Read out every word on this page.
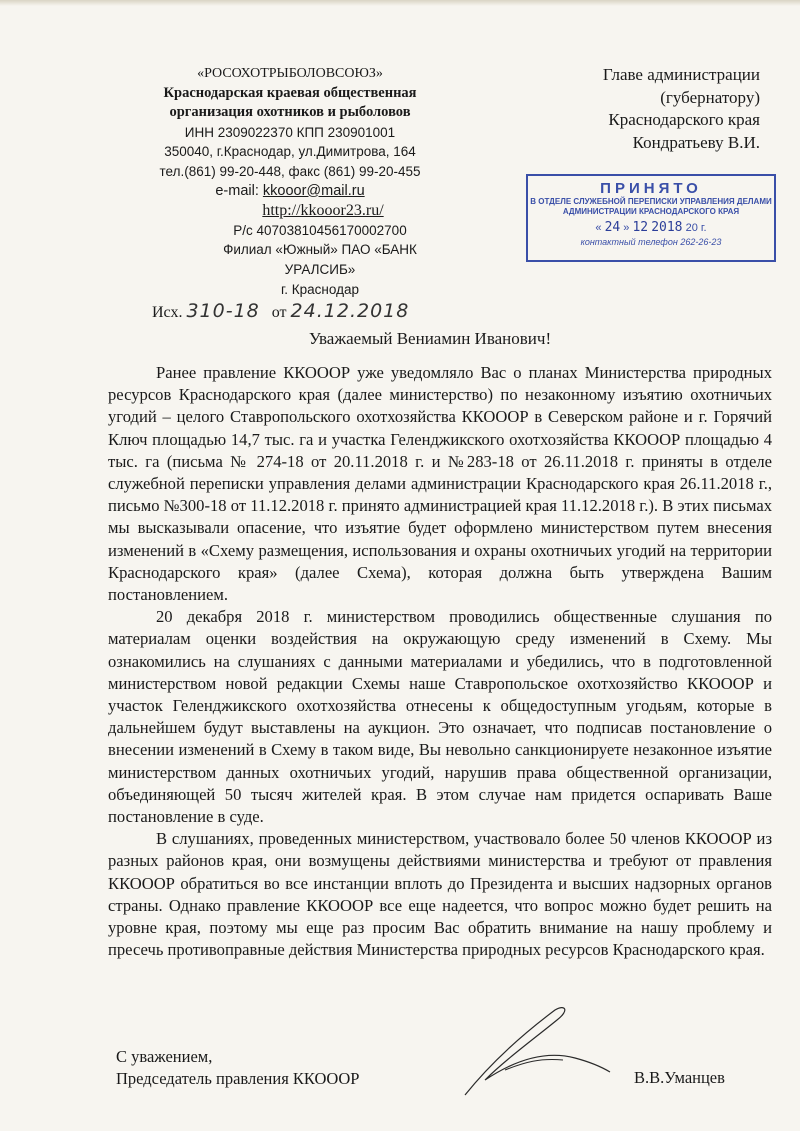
«РОСОХОТРЫБОЛОВСОЮЗ»
Краснодарская краевая общественная
организация охотников и рыболовов
ИНН 2309022370 КПП 230901001
350040, г.Краснодар, ул.Димитрова, 164
тел.(861) 99-20-448, факс (861) 99-20-455
e-mail: kkooor@mail.ru
http://kkooor23.ru/
Р/с 40703810456170002700
Филиал «Южный» ПАО «БАНК УРАЛСИБ»
г. Краснодар
Главе администрации
(губернатору)
Краснодарского края
Кондратьеву В.И.
ПРИНЯТО
В ОТДЕЛЕ СЛУЖЕБНОЙ ПЕРЕПИСКИ УПРАВЛЕНИЯ ДЕЛАМИ
АДМИНИСТРАЦИИ КРАСНОДАРСКОГО КРАЯ
« 24 » 12 2018 20 г.
контактный телефон 262-26-23
Исх. 310-18 от 24.12.2018
Уважаемый Вениамин Иванович!

Ранее правление ККОООР уже уведомляло Вас о планах Министерства природных ресурсов Краснодарского края (далее министерство) по незаконному изъятию охотничьих угодий – целого Ставропольского охотхозяйства ККОООР в Северском районе и г. Горячий Ключ площадью 14,7 тыс. га и участка Геленджикского охотхозяйства ККОООР площадью 4 тыс. га (письма № 274-18 от 20.11.2018 г. и №283-18 от 26.11.2018 г. приняты в отделе служебной переписки управления делами администрации Краснодарского края 26.11.2018 г., письмо №300-18 от 11.12.2018 г. принято администрацией края 11.12.2018 г.). В этих письмах мы высказывали опасение, что изъятие будет оформлено министерством путем внесения изменений в «Схему размещения, использования и охраны охотничьих угодий на территории Краснодарского края» (далее Схема), которая должна быть утверждена Вашим постановлением.

20 декабря 2018 г. министерством проводились общественные слушания по материалам оценки воздействия на окружающую среду изменений в Схему. Мы ознакомились на слушаниях с данными материалами и убедились, что в подготовленной министерством новой редакции Схемы наше Ставропольское охотхозяйство ККОООР и участок Геленджикского охотхозяйства отнесены к общедоступным угодьям, которые в дальнейшем будут выставлены на аукцион. Это означает, что подписав постановление о внесении изменений в Схему в таком виде, Вы невольно санкционируете незаконное изъятие министерством данных охотничьих угодий, нарушив права общественной организации, объединяющей 50 тысяч жителей края. В этом случае нам придется оспаривать Ваше постановление в суде.

В слушаниях, проведенных министерством, участвовало более 50 членов ККОООР из разных районов края, они возмущены действиями министерства и требуют от правления ККОООР обратиться во все инстанции вплоть до Президента и высших надзорных органов страны. Однако правление ККОООР все еще надеется, что вопрос можно будет решить на уровне края, поэтому мы еще раз просим Вас обратить внимание на нашу проблему и пресечь противоправные действия Министерства природных ресурсов Краснодарского края.

С уважением,
Председатель правления ККОООР	В.В.Уманцев
